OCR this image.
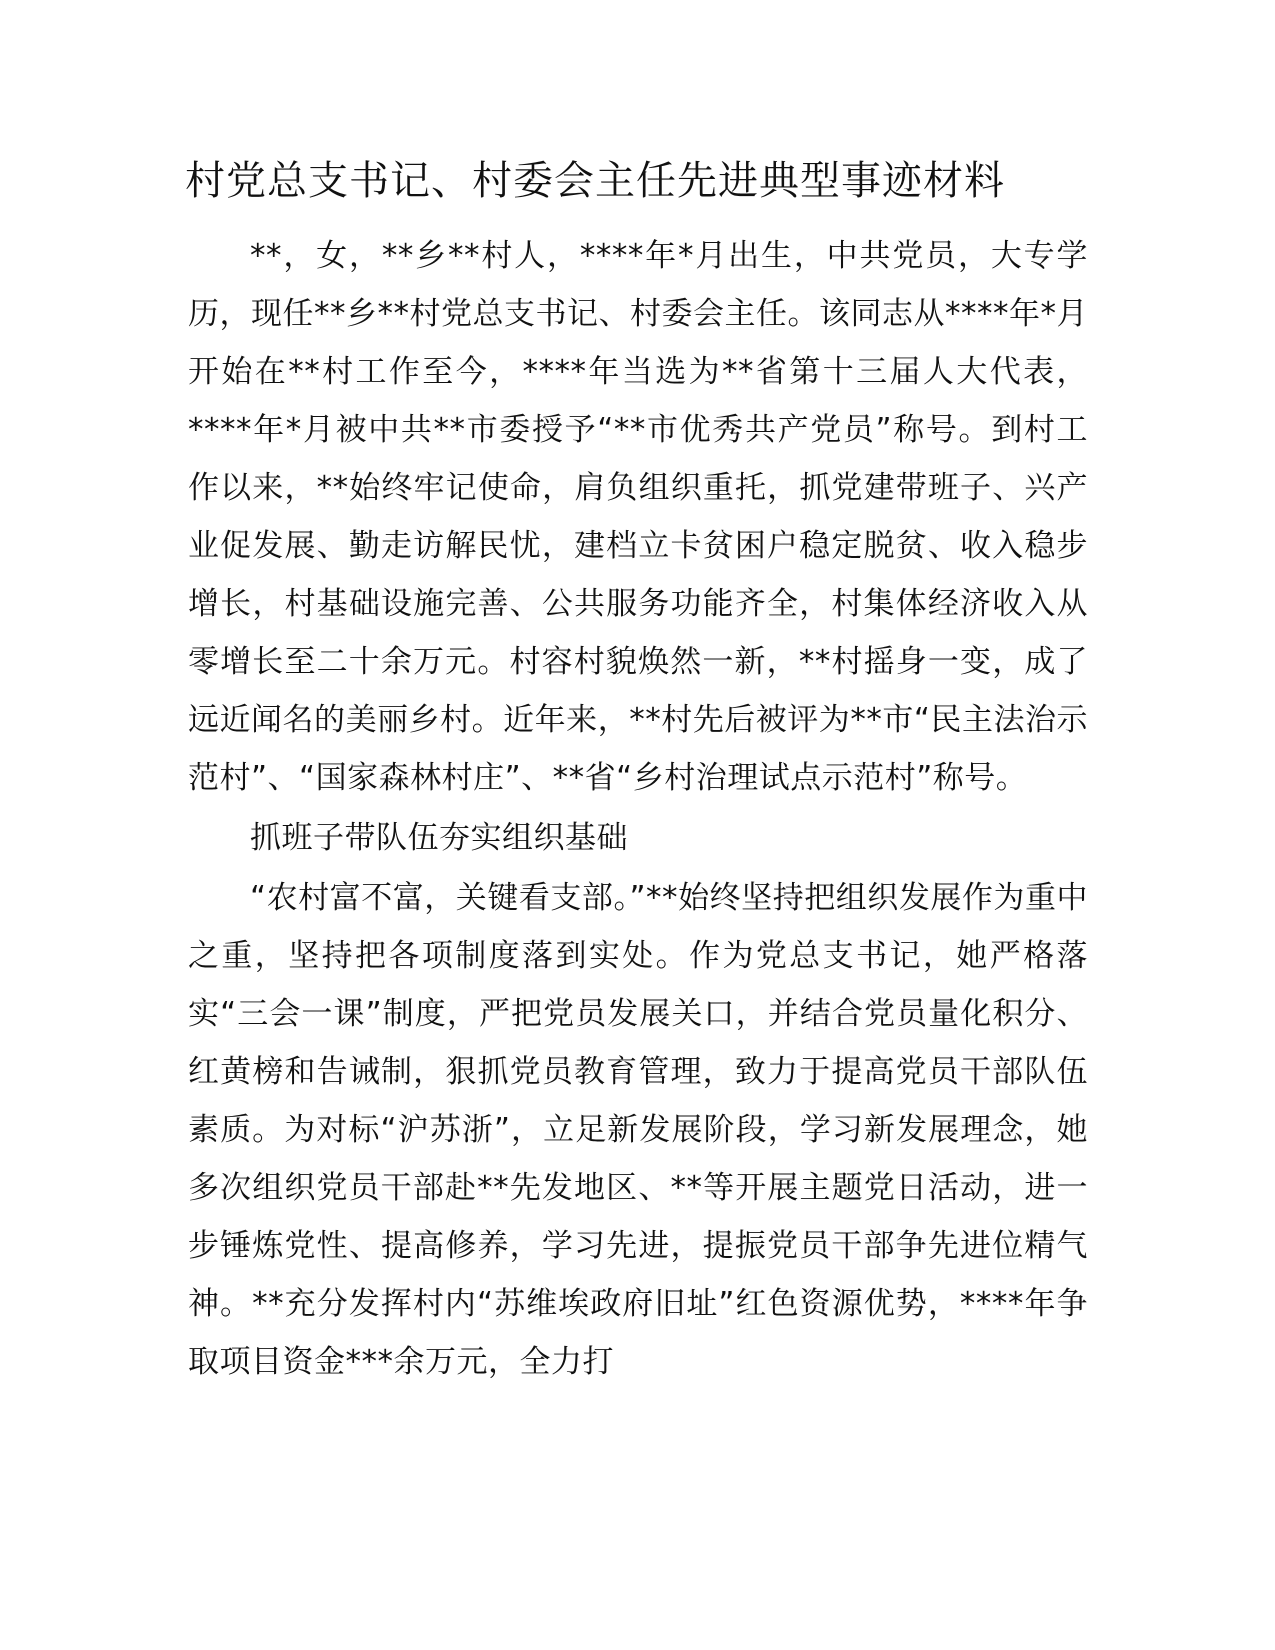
村党总支书记、村委会主任先进典型事迹材料

**，女，**乡**村人，****年*月出生，中共党员，大专学历，现任**乡**村党总支书记、村委会主任。该同志从****年*月开始在**村工作至今，****年当选为**省第十三届人大代表，****年*月被中共**市委授予“**市优秀共产党员”称号。到村工作以来，**始终牢记使命，肩负组织重托，抓党建带班子、兴产业促发展、勤走访解民忧，建档立卡贫困户稳定脱贫、收入稳步增长，村基础设施完善、公共服务功能齐全，村集体经济收入从零增长至二十余万元。村容村貌焕然一新，**村摇身一变，成了远近闻名的美丽乡村。近年来，**村先后被评为**市“民主法治示范村”、“国家森林村庄”、**省“乡村治理试点示范村”称号。

抓班子带队伍夯实组织基础

“农村富不富，关键看支部。”**始终坚持把组织发展作为重中之重，坚持把各项制度落到实处。作为党总支书记，她严格落实“三会一课”制度，严把党员发展关口，并结合党员量化积分、红黄榜和告诫制，狠抓党员教育管理，致力于提高党员干部队伍素质。为对标“沪苏浙”，立足新发展阶段，学习新发展理念，她多次组织党员干部赴**先发地区、**等开展主题党日活动，进一步锤炼党性、提高修养，学习先进，提振党员干部争先进位精气神。**充分发挥村内“苏维埃政府旧址”红色资源优势，****年争取项目资金***余万元，全力打
